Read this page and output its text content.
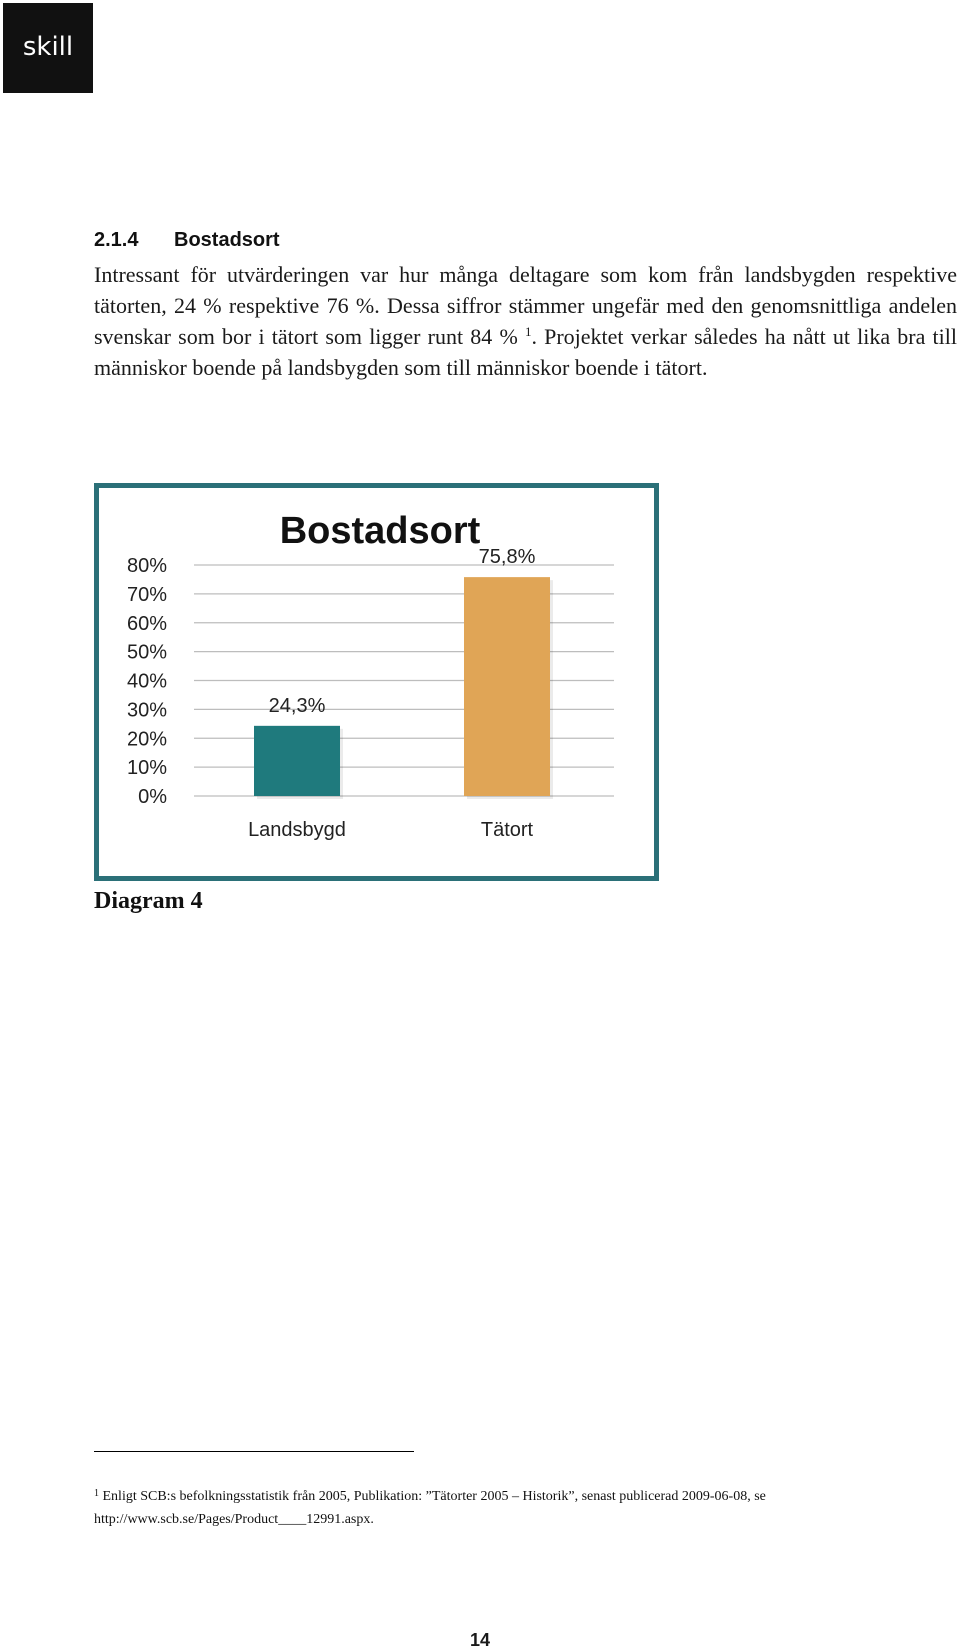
skill
2.1.4 Bostadsort

Intressant för utvärderingen var hur många deltagare som kom från landsbygden respektive tätorten, 24 % respektive 76 %. Dessa siffror stämmer ungefär med den genomsnittliga andelen svenskar som bor i tätort som ligger runt 84 % $^1$. Projektet verkar således ha nått ut lika bra till människor boende på landsbygden som till människor boende i tätort.

Bostadsort
0%
10%
20%
30%
40%
50%
60%
70%
80%
24,3%
Landsbygd
75,8%
Tätort
Diagram 4
$^1$ Enligt SCB:s befolkningsstatistik från 2005, Publikation: ”Tätorter 2005 – Historik”, senast publicerad 2009-06-08, se http://www.scb.se/Pages/Product____12991.aspx.
14
